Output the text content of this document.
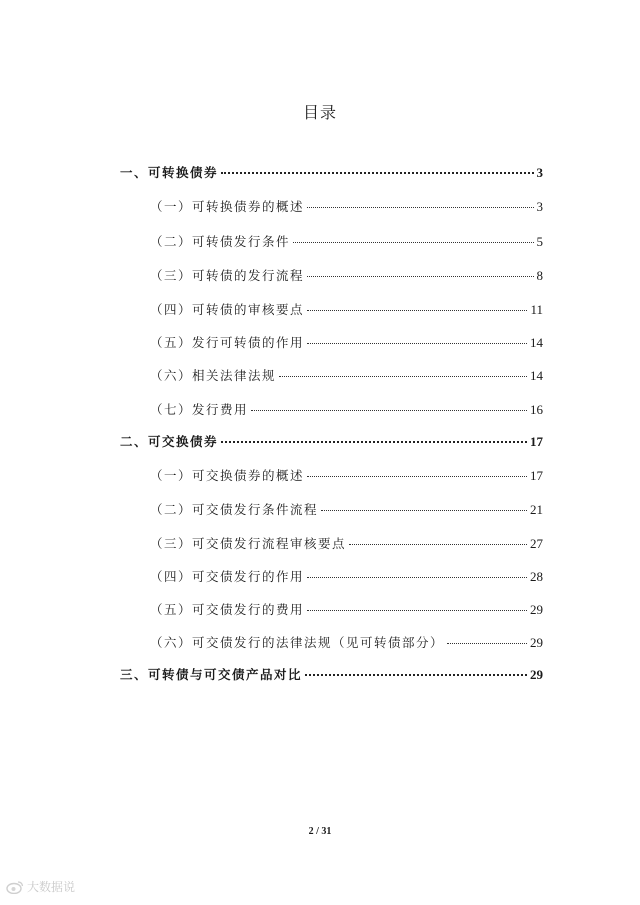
目录
一、可转换债券	3
（一）可转换债券的概述	3
（二）可转债发行条件	5
（三）可转债的发行流程	8
（四）可转债的审核要点	11
（五）发行可转债的作用	14
（六）相关法律法规	14
（七）发行费用	16
二、可交换债券	17
（一）可交换债券的概述	17
（二）可交债发行条件流程	21
（三）可交债发行流程审核要点	27
（四）可交债发行的作用	28
（五）可交债发行的费用	29
（六）可交债发行的法律法规（见可转债部分）	29
三、可转债与可交债产品对比	29
2 / 31
大数据说
